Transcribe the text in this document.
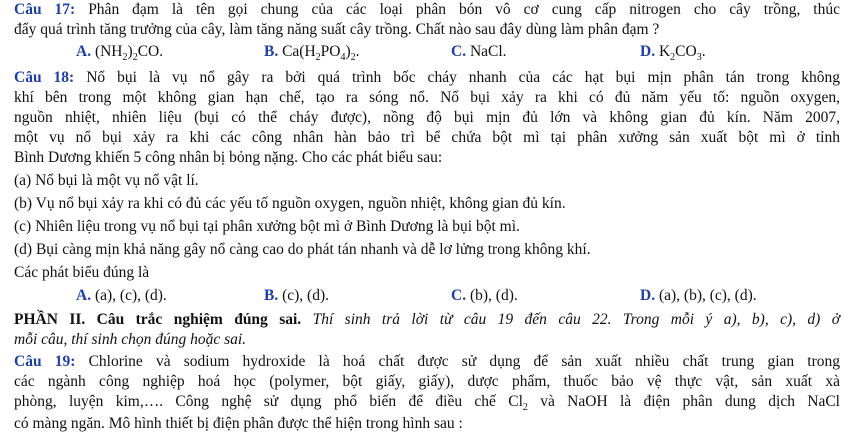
Câu 17: Phân đạm là tên gọi chung của các loại phân bón vô cơ cung cấp nitrogen cho cây trồng, thúc
đẩy quá trình tăng trưởng của cây, làm tăng năng suất cây trồng. Chất nào sau đây dùng làm phân đạm ?
A. $(NH_2)_2CO$.	B. $Ca(H_2PO_4)_2$.	C. NaCl.	D. $K_2CO_3$.
Câu 18: Nổ bụi là vụ nổ gây ra bởi quá trình bốc cháy nhanh của các hạt bụi mịn phân tán trong không
khí bên trong một không gian hạn chế, tạo ra sóng nổ. Nổ bụi xảy ra khi có đủ năm yếu tố: nguồn oxygen,
nguồn nhiệt, nhiên liệu (bụi có thể cháy được), nồng độ bụi mịn đủ lớn và không gian đủ kín. Năm 2007,
một vụ nổ bụi xảy ra khi các công nhân hàn bảo trì bể chứa bột mì tại phân xưởng sản xuất bột mì ở tỉnh
Bình Dương khiến 5 công nhân bị bỏng nặng. Cho các phát biểu sau:
(a) Nổ bụi là một vụ nổ vật lí.
(b) Vụ nổ bụi xảy ra khi có đủ các yếu tố nguồn oxygen, nguồn nhiệt, không gian đủ kín.
(c) Nhiên liệu trong vụ nổ bụi tại phân xưởng bột mì ở Bình Dương là bụi bột mì.
(d) Bụi càng mịn khả năng gây nổ càng cao do phát tán nhanh và dễ lơ lửng trong không khí.
Các phát biểu đúng là
A. (a), (c), (d).	B. (c), (d).	C. (b), (d).	D. (a), (b), (c), (d).
PHẦN II. Câu trắc nghiệm đúng sai. Thí sinh trả lời từ câu 19 đến câu 22. Trong mỗi ý a), b), c), d) ở
mỗi câu, thí sinh chọn đúng hoặc sai.
Câu 19: Chlorine và sodium hydroxide là hoá chất được sử dụng để sản xuất nhiều chất trung gian trong
các ngành công nghiệp hoá học (polymer, bột giấy, giấy), dược phẩm, thuốc bảo vệ thực vật, sản xuất xà
phòng, luyện kim,…. Công nghệ sử dụng phổ biến để điều chế $Cl_2$ và NaOH là điện phân dung dịch NaCl
có màng ngăn. Mô hình thiết bị điện phân được thể hiện trong hình sau :
